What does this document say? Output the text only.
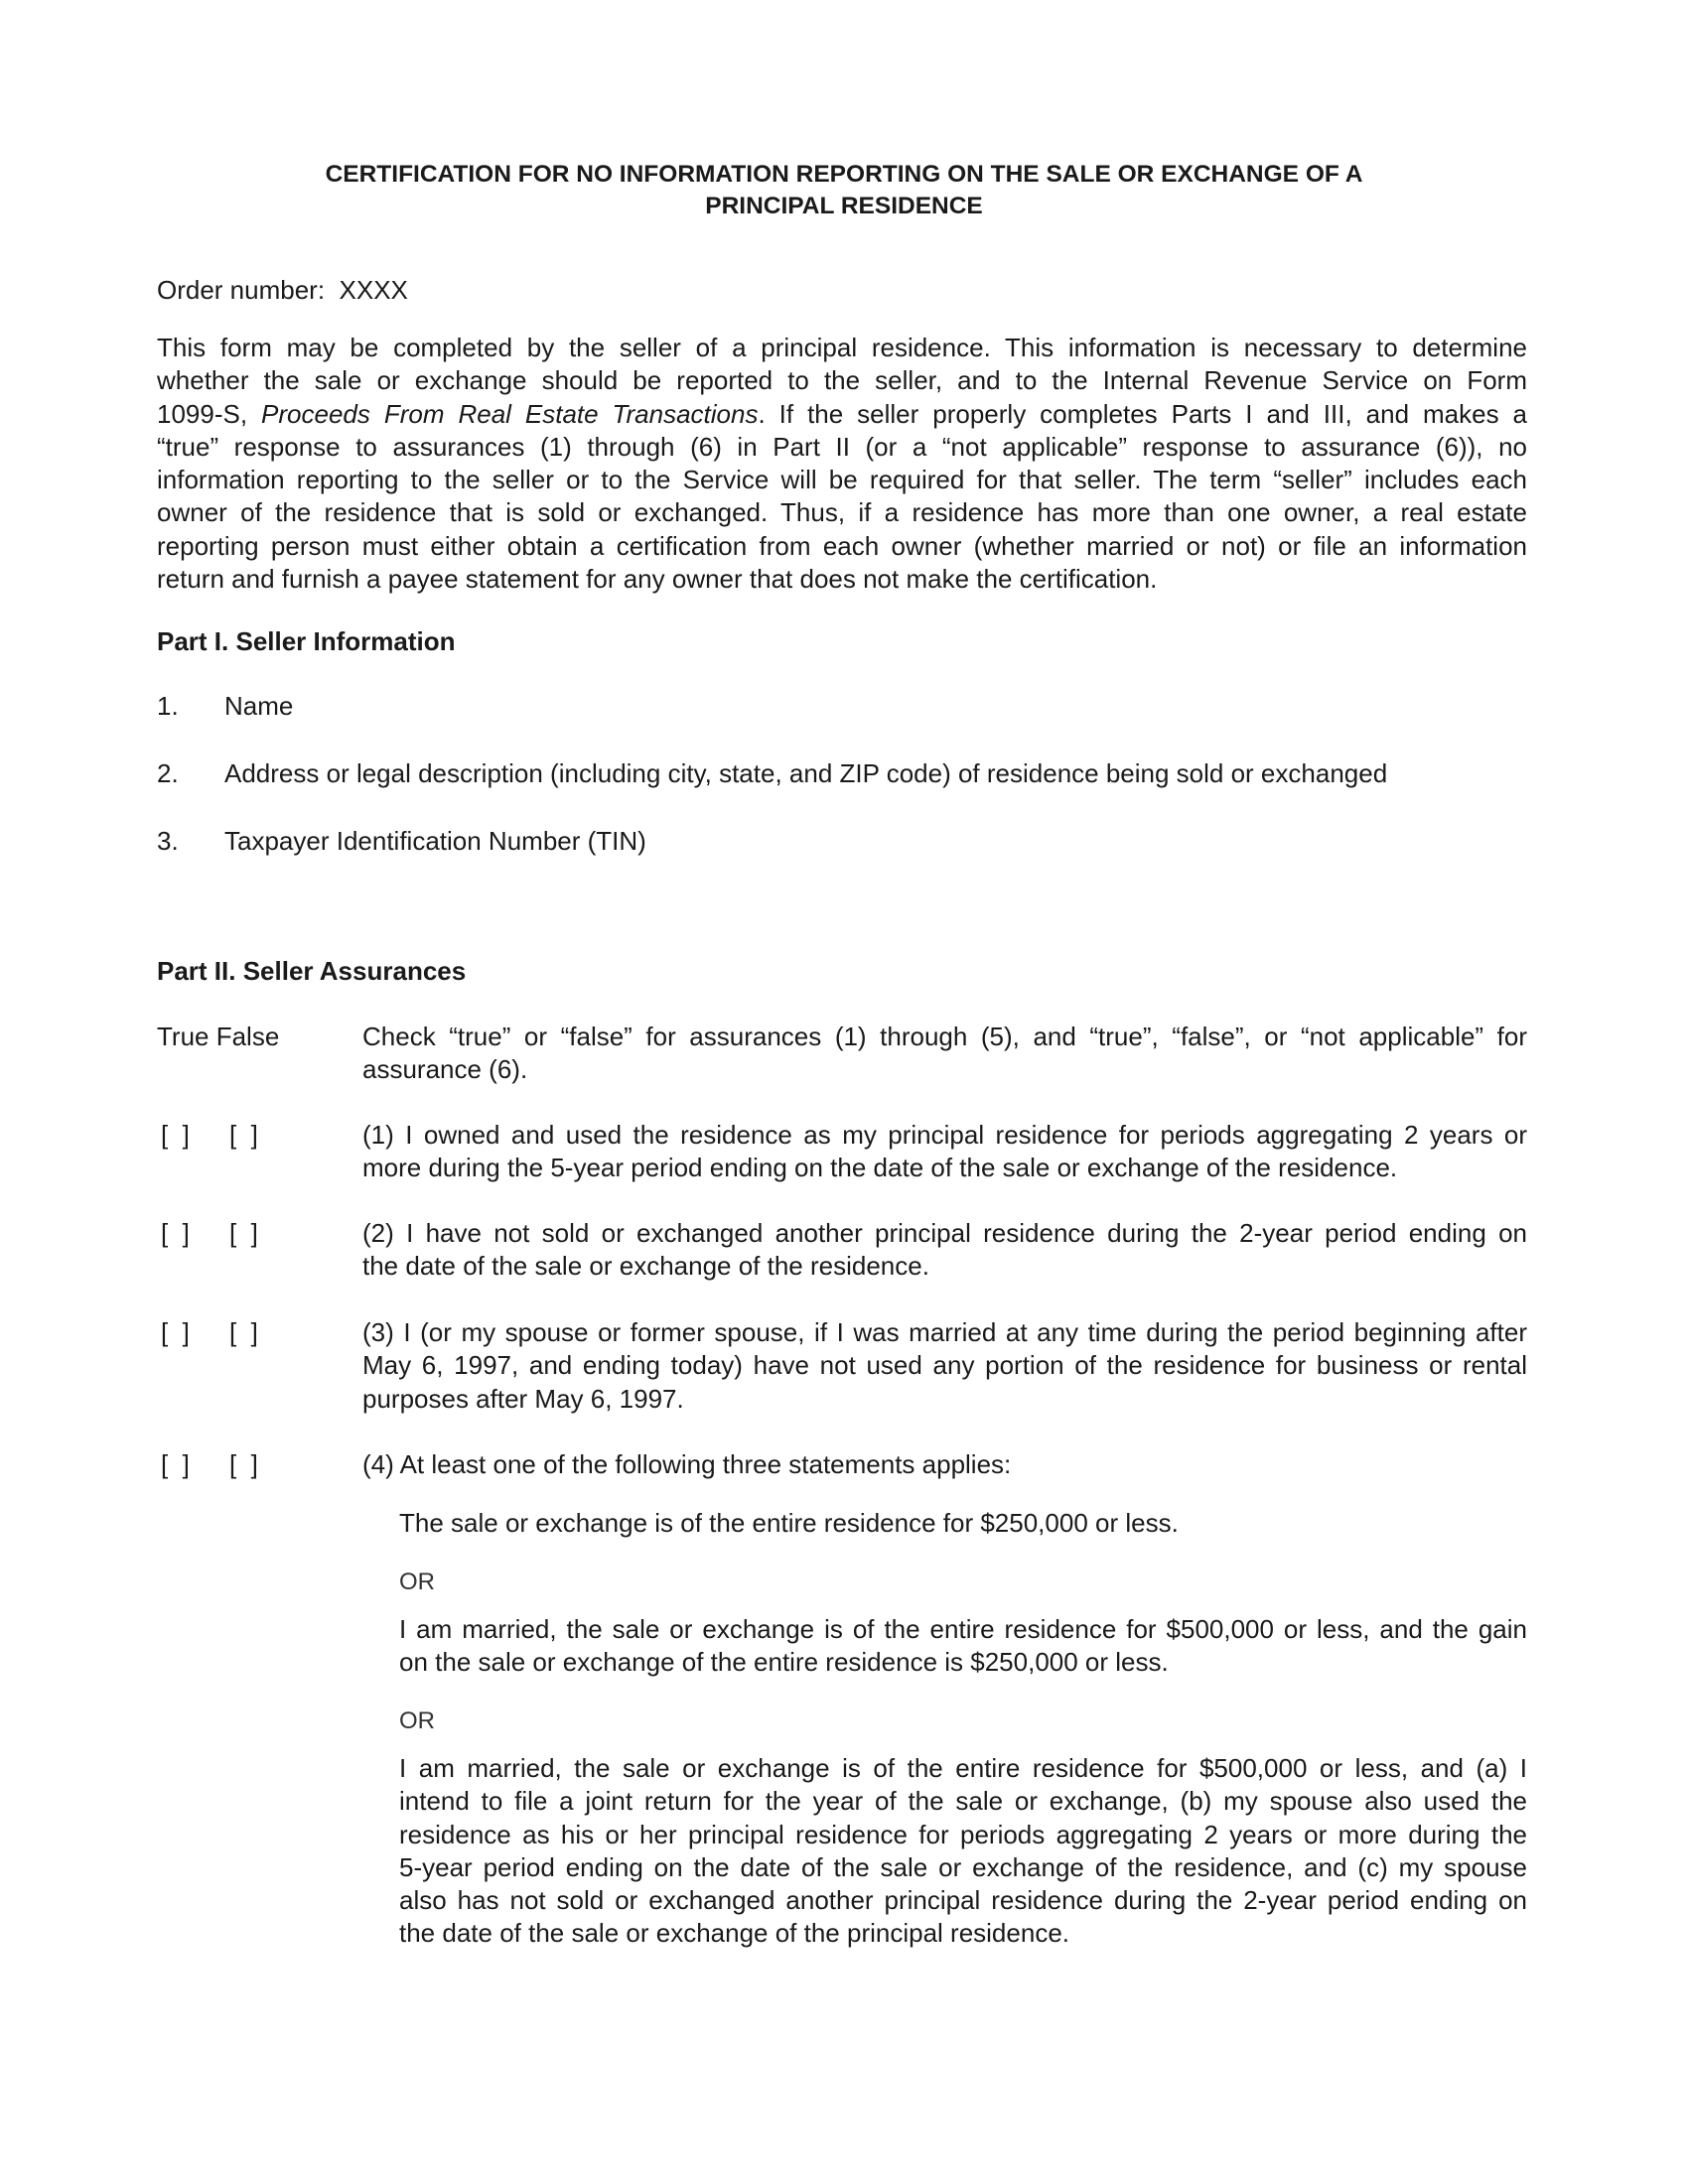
CERTIFICATION FOR NO INFORMATION REPORTING ON THE SALE OR EXCHANGE OF A
PRINCIPAL RESIDENCE
Order number: XXXX
This form may be completed by the seller of a principal residence. This information is necessary to determine
whether the sale or exchange should be reported to the seller, and to the Internal Revenue Service on Form
1099-S, Proceeds From Real Estate Transactions. If the seller properly completes Parts I and III, and makes a
“true” response to assurances (1) through (6) in Part II (or a “not applicable” response to assurance (6)), no
information reporting to the seller or to the Service will be required for that seller. The term “seller” includes each
owner of the residence that is sold or exchanged. Thus, if a residence has more than one owner, a real estate
reporting person must either obtain a certification from each owner (whether married or not) or file an information
return and furnish a payee statement for any owner that does not make the certification.
Part I. Seller Information
1. Name
2. Address or legal description (including city, state, and ZIP code) of residence being sold or exchanged
3. Taxpayer Identification Number (TIN)
Part II. Seller Assurances
True False	Check “true” or “false” for assurances (1) through (5), and “true”, “false”, or “not applicable” for
assurance (6).
[  ] [  ]	(1) I owned and used the residence as my principal residence for periods aggregating 2 years or
more during the 5-year period ending on the date of the sale or exchange of the residence.
[  ] [  ]	(2) I have not sold or exchanged another principal residence during the 2-year period ending on
the date of the sale or exchange of the residence.
[  ] [  ]	(3) I (or my spouse or former spouse, if I was married at any time during the period beginning after
May 6, 1997, and ending today) have not used any portion of the residence for business or rental
purposes after May 6, 1997.
[  ] [  ]	(4) At least one of the following three statements applies:
The sale or exchange is of the entire residence for $250,000 or less.
OR
I am married, the sale or exchange is of the entire residence for $500,000 or less, and the gain
on the sale or exchange of the entire residence is $250,000 or less.
OR
I am married, the sale or exchange is of the entire residence for $500,000 or less, and (a) I
intend to file a joint return for the year of the sale or exchange, (b) my spouse also used the
residence as his or her principal residence for periods aggregating 2 years or more during the
5-year period ending on the date of the sale or exchange of the residence, and (c) my spouse
also has not sold or exchanged another principal residence during the 2-year period ending on
the date of the sale or exchange of the principal residence.
